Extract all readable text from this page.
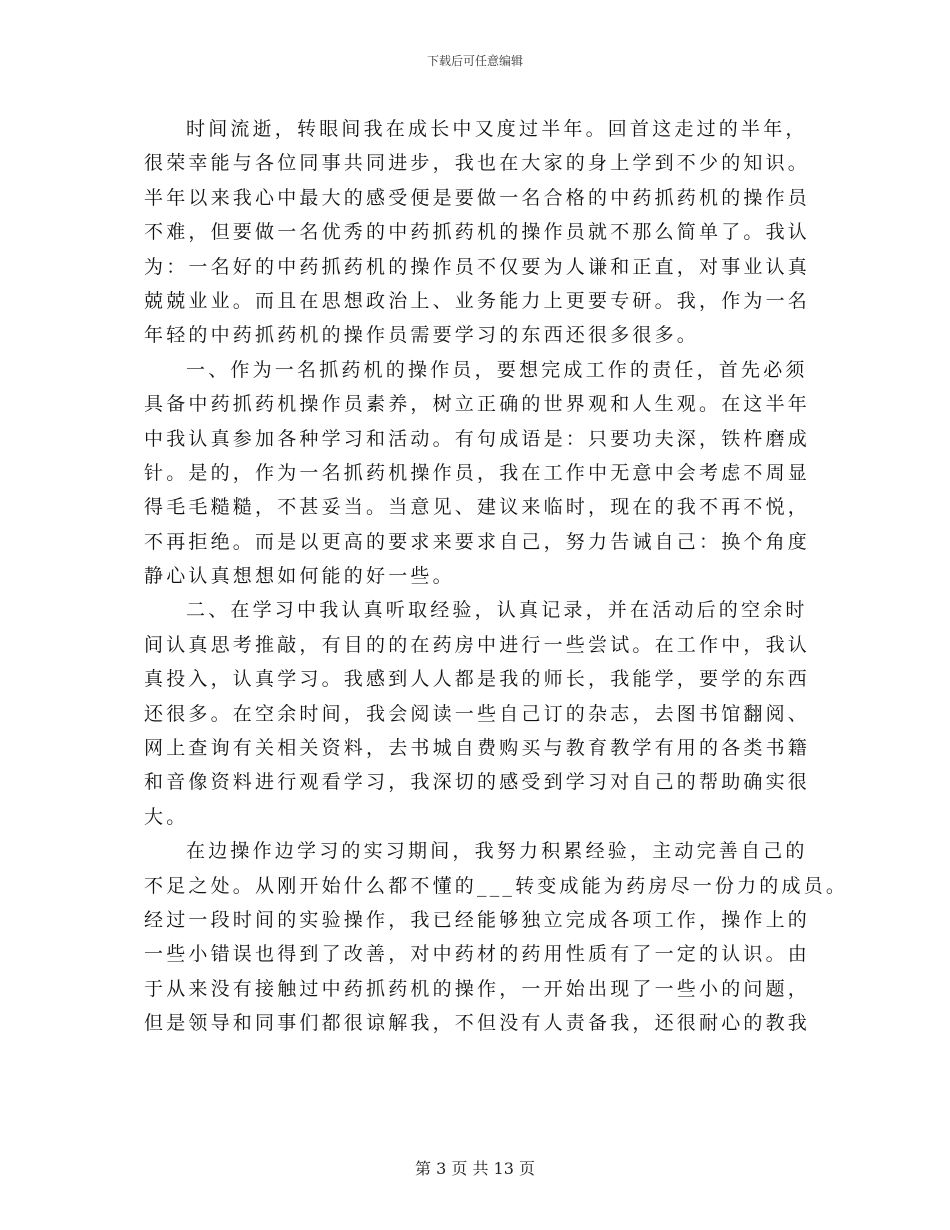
下载后可任意编辑
时间流逝，转眼间我在成长中又度过半年。回首这走过的半年，
很荣幸能与各位同事共同进步，我也在大家的身上学到不少的知识。
半年以来我心中最大的感受便是要做一名合格的中药抓药机的操作员
不难，但要做一名优秀的中药抓药机的操作员就不那么简单了。我认
为：一名好的中药抓药机的操作员不仅要为人谦和正直，对事业认真
兢兢业业。而且在思想政治上、业务能力上更要专研。我，作为一名
年轻的中药抓药机的操作员需要学习的东西还很多很多。
一、作为一名抓药机的操作员，要想完成工作的责任，首先必须
具备中药抓药机操作员素养，树立正确的世界观和人生观。在这半年
中我认真参加各种学习和活动。有句成语是：只要功夫深，铁杵磨成
针。是的，作为一名抓药机操作员，我在工作中无意中会考虑不周显
得毛毛糙糙，不甚妥当。当意见、建议来临时，现在的我不再不悦，
不再拒绝。而是以更高的要求来要求自己，努力告诫自己：换个角度
静心认真想想如何能的好一些。
二、在学习中我认真听取经验，认真记录，并在活动后的空余时
间认真思考推敲，有目的的在药房中进行一些尝试。在工作中，我认
真投入，认真学习。我感到人人都是我的师长，我能学，要学的东西
还很多。在空余时间，我会阅读一些自己订的杂志，去图书馆翻阅、
网上查询有关相关资料，去书城自费购买与教育教学有用的各类书籍
和音像资料进行观看学习，我深切的感受到学习对自己的帮助确实很
大。
在边操作边学习的实习期间，我努力积累经验，主动完善自己的
不足之处。从刚开始什么都不懂的___转变成能为药房尽一份力的成员。
经过一段时间的实验操作，我已经能够独立完成各项工作，操作上的
一些小错误也得到了改善，对中药材的药用性质有了一定的认识。由
于从来没有接触过中药抓药机的操作，一开始出现了一些小的问题，
但是领导和同事们都很谅解我，不但没有人责备我，还很耐心的教我
第 3 页 共 13 页
